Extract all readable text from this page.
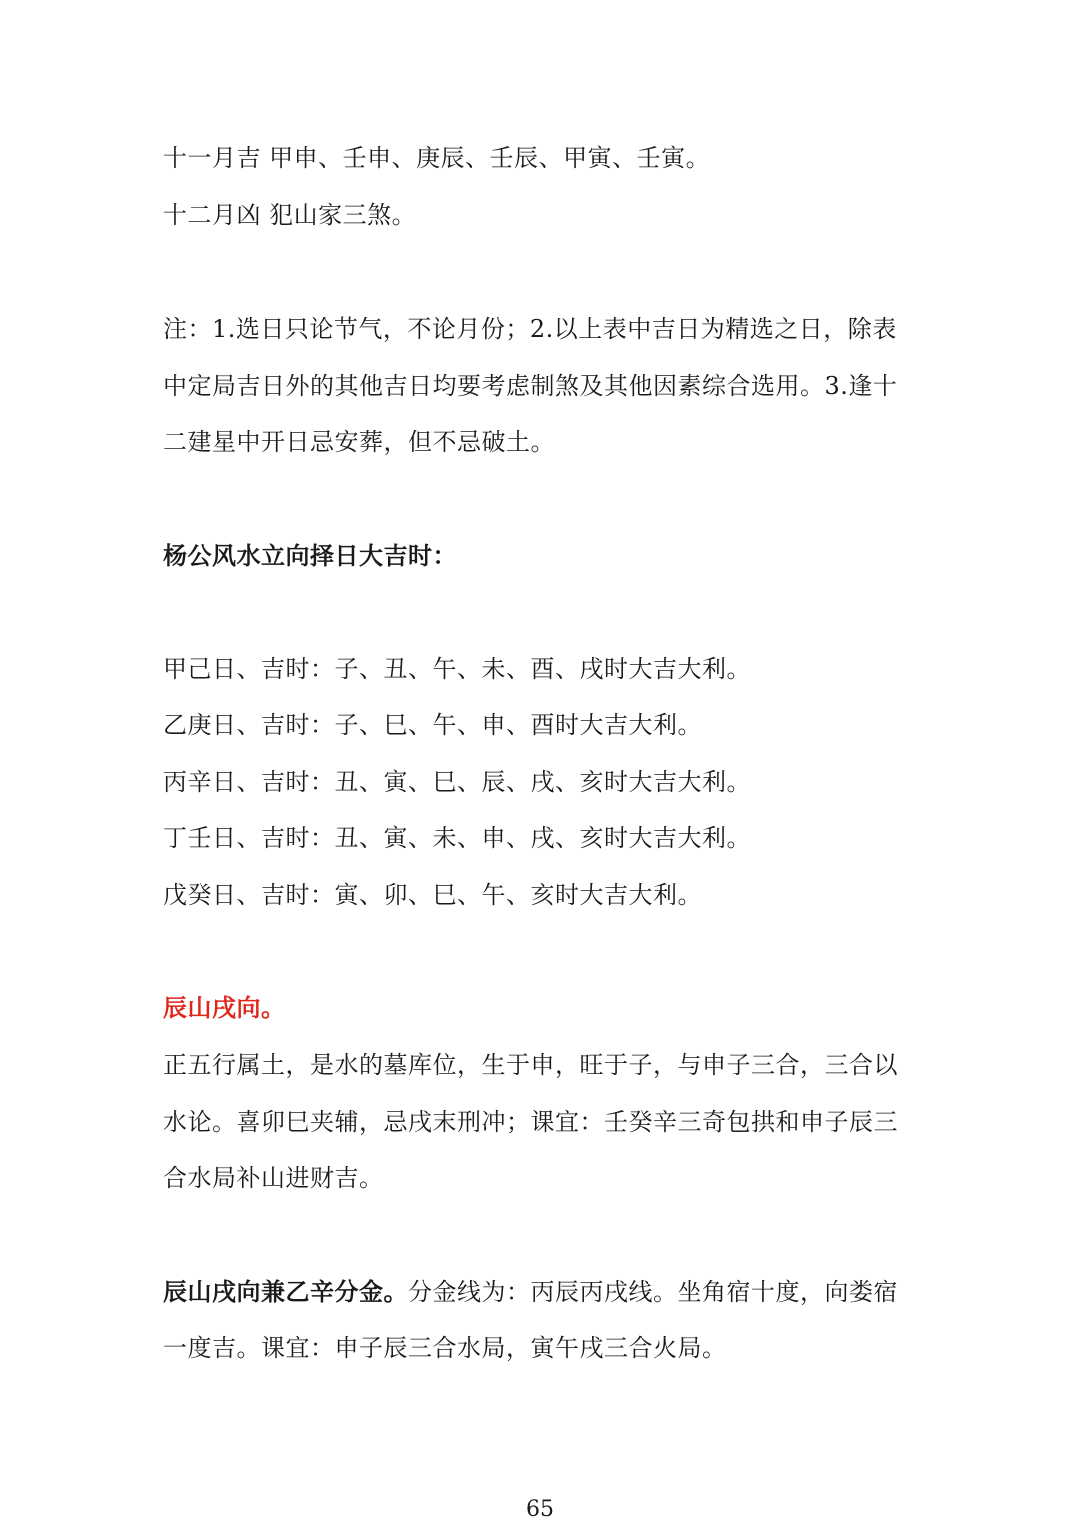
十一月吉 甲申、壬申、庚辰、壬辰、甲寅、壬寅。
十二月凶 犯山家三煞。
注：1.选日只论节气，不论月份；2.以上表中吉日为精选之日，除表
中定局吉日外的其他吉日均要考虑制煞及其他因素综合选用。3.逢十
二建星中开日忌安葬，但不忌破土。
杨公风水立向择日大吉时：
甲己日、吉时：子、丑、午、未、酉、戌时大吉大利。
乙庚日、吉时：子、巳、午、申、酉时大吉大利。
丙辛日、吉时：丑、寅、巳、辰、戌、亥时大吉大利。
丁壬日、吉时：丑、寅、未、申、戌、亥时大吉大利。
戊癸日、吉时：寅、卯、巳、午、亥时大吉大利。
辰山戌向。
正五行属土，是水的墓库位，生于申，旺于子，与申子三合，三合以
水论。喜卯巳夹辅，忌戌末刑冲；课宜：壬癸辛三奇包拱和申子辰三
合水局补山进财吉。
辰山戌向兼乙辛分金。分金线为：丙辰丙戌线。坐角宿十度，向娄宿
一度吉。课宜：申子辰三合水局，寅午戌三合火局。
65
